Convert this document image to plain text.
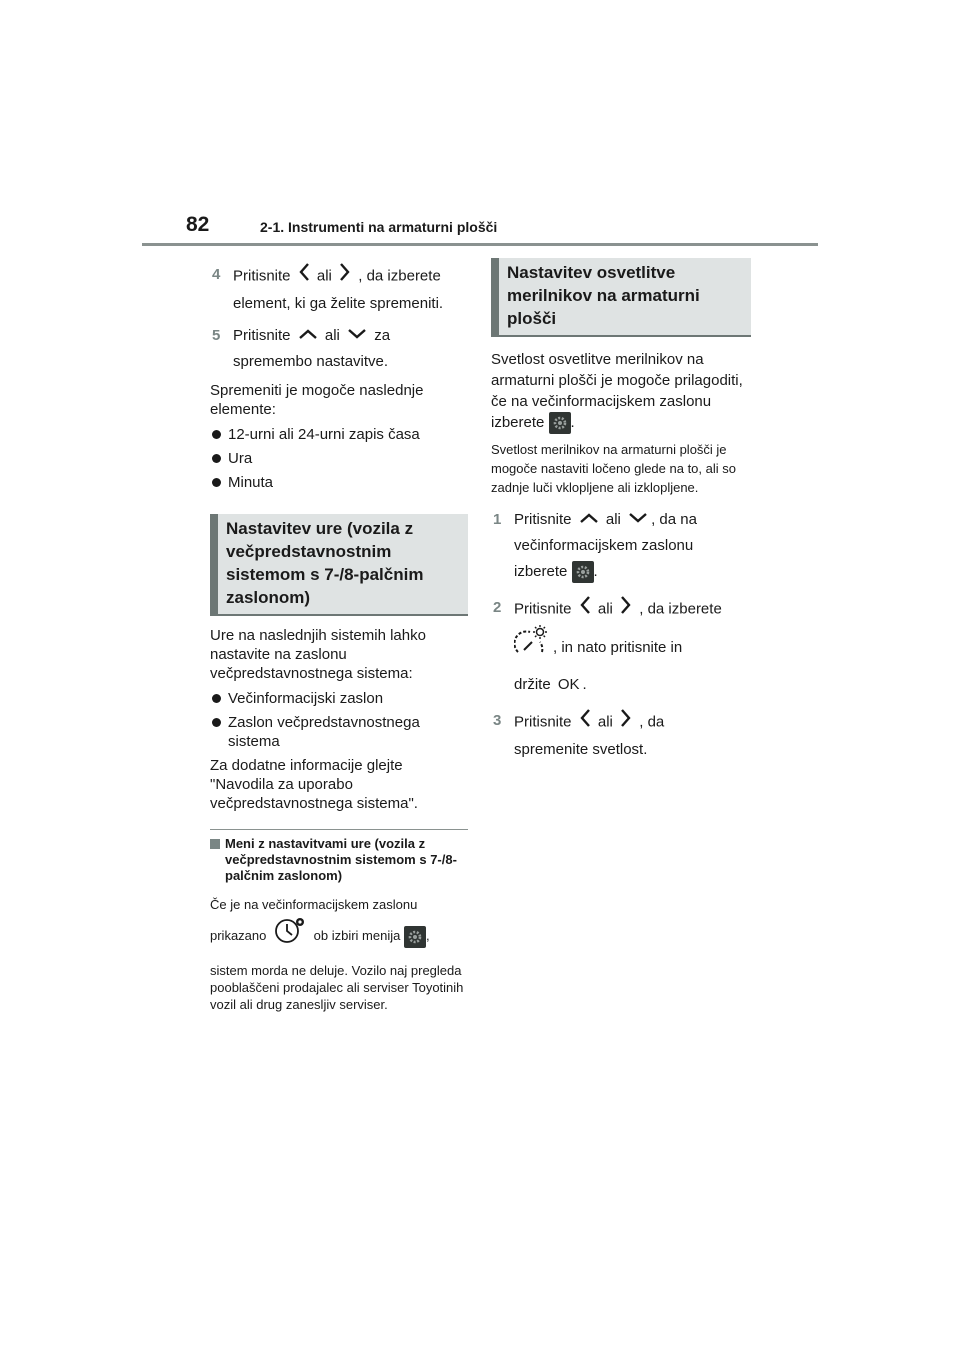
82	2-1. Instrumenti na armaturni plošči
4 Pritisnite ali , da izberete
element, ki ga želite spremeniti.
5 Pritisnite ali za
spremembo nastavitve.

Spremeniti je mogoče naslednje elemente:

12-urni ali 24-urni zapis časa
Ura
Minuta
Nastavitev ure (vozila z večpredstavnostnim sistemom s 7-/8-palčnim zaslonom)

Ure na naslednjih sistemih lahko nastavite na zaslonu večpredstavnostnega sistema:

Večinformacijski zaslon
Zaslon večpredstavnostnega sistema

Za dodatne informacije glejte "Navodila za uporabo večpredstavnostnega sistema".

Meni z nastavitvami ure (vozila z večpredstavnostnim sistemom s 7-/8-palčnim zaslonom)

Če je na večinformacijskem zaslonu

prikazano	ob izbiri menija ,

sistem morda ne deluje. Vozilo naj pregleda pooblaščeni prodajalec ali serviser Toyotinih vozil ali drug zanesljiv serviser.

Nastavitev osvetlitve merilnikov na armaturni plošči

Svetlost osvetlitve merilnikov na armaturni plošči je mogoče prilagoditi, če na večinformacijskem zaslonu izberete .

Svetlost merilnikov na armaturni plošči je mogoče nastaviti ločeno glede na to, ali so zadnje luči vklopljene ali izklopljene.

1 Pritisnite ali , da na
večinformacijskem zaslonu
izberete .
2 Pritisnite ali , da izberete
, in nato pritisnite in
držite OK .
3 Pritisnite ali , da
spremenite svetlost.
